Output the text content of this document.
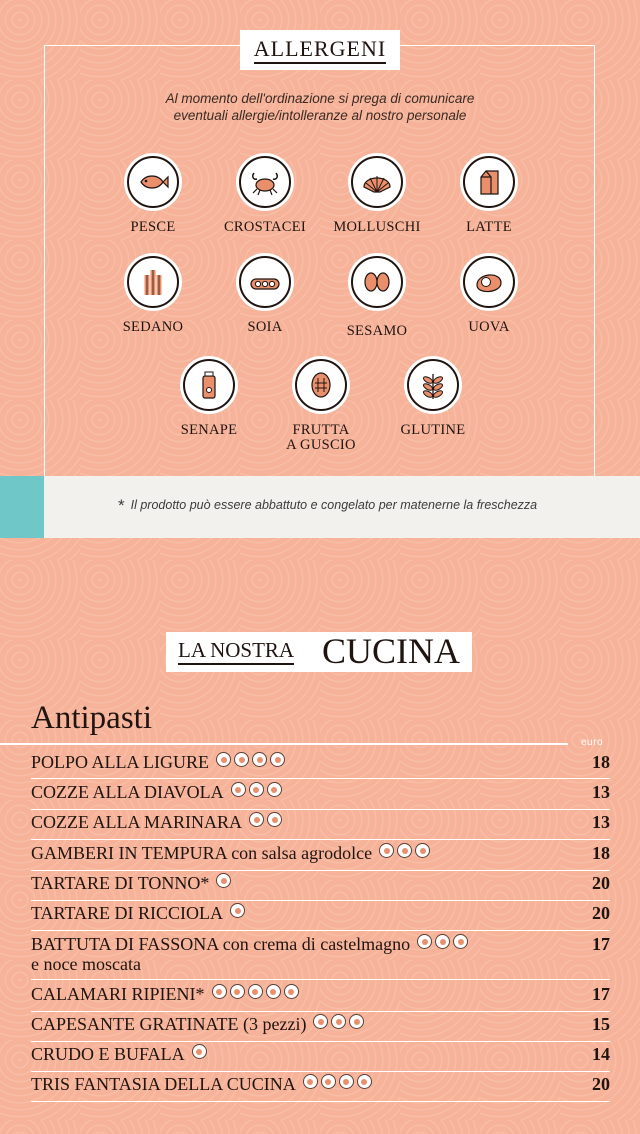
ALLERGENI
Al momento dell'ordinazione si prega di comunicare
eventuali allergie/intolleranze al nostro personale
PESCE	CROSTACEI	MOLLUSCHI	LATTE
SEDANO	SOIA	SESAMO	UOVA
SENAPE	FRUTTA
A GUSCIO
GLUTINE
* Il prodotto può essere abbattuto e congelato per matenerne la freschezza
LA NOSTRA CUCINA
Antipasti
euro
POLPO ALLA LIGURE	18
COZZE ALLA DIAVOLA	13
COZZE ALLA MARINARA	13
GAMBERI IN TEMPURA con salsa agrodolce	18
TARTARE DI TONNO*	20
TARTARE DI RICCIOLA	20
BATTUTA DI FASSONA con crema di castelmagno
e noce moscata
17
CALAMARI RIPIENI*	17
CAPESANTE GRATINATE (3 pezzi)	15
CRUDO E BUFALA	14
TRIS FANTASIA DELLA CUCINA	20
